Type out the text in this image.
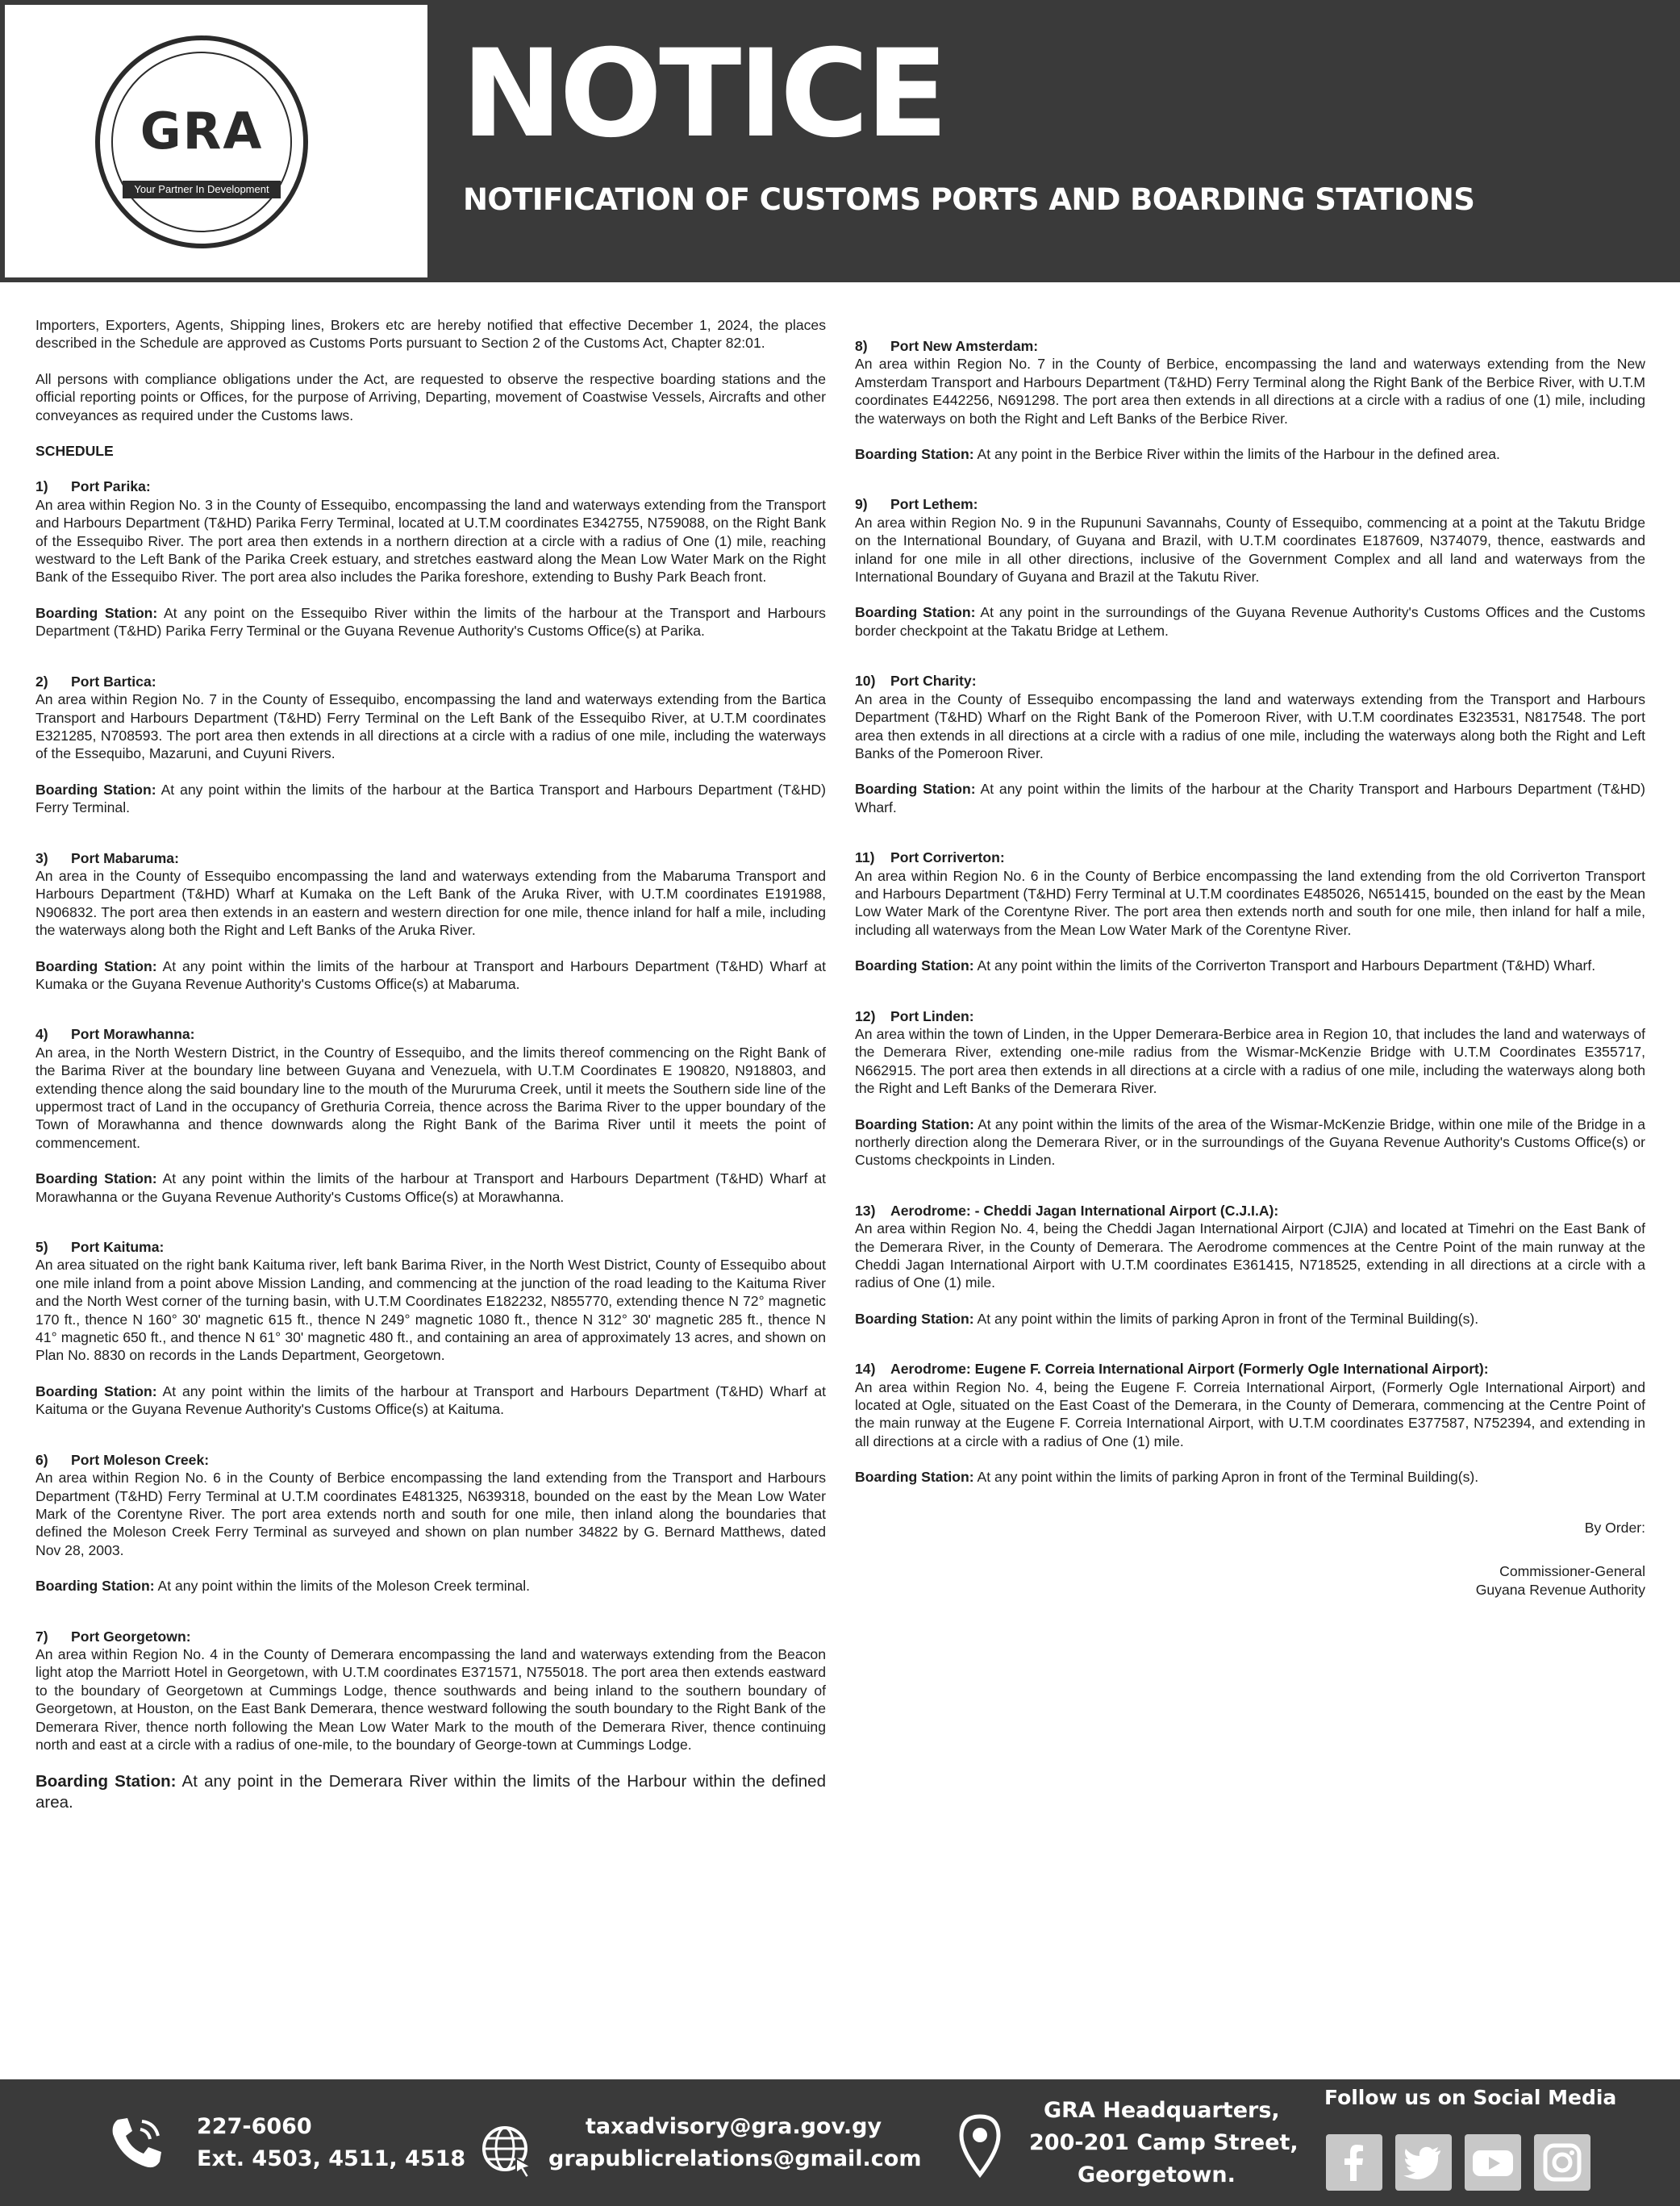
GRA
Your Partner In Development
NOTICE
NOTIFICATION OF CUSTOMS PORTS AND BOARDING STATIONS

Importers, Exporters, Agents, Shipping lines, Brokers etc are hereby notified that effective December 1, 2024, the places described in the Schedule are approved as Customs Ports pursuant to Section 2 of the Customs Act, Chapter 82:01.

All persons with compliance obligations under the Act, are requested to observe the respective boarding stations and the official reporting points or Offices, for the purpose of Arriving, Departing, movement of Coastwise Vessels, Aircrafts and other conveyances as required under the Customs laws.

SCHEDULE

1) Port Parika:

An area within Region No. 3 in the County of Essequibo, encompassing the land and waterways extending from the Transport and Harbours Department (T&HD) Parika Ferry Terminal, located at U.T.M coordinates E342755, N759088, on the Right Bank of the Essequibo River. The port area then extends in a northern direction at a circle with a radius of One (1) mile, reaching westward to the Left Bank of the Parika Creek estuary, and stretches eastward along the Mean Low Water Mark on the Right Bank of the Essequibo River. The port area also includes the Parika foreshore, extending to Bushy Park Beach front.

Boarding Station: At any point on the Essequibo River within the limits of the harbour at the Transport and Harbours Department (T&HD) Parika Ferry Terminal or the Guyana Revenue Authority's Customs Office(s) at Parika.

2) Port Bartica:

An area within Region No. 7 in the County of Essequibo, encompassing the land and waterways extending from the Bartica Transport and Harbours Department (T&HD) Ferry Terminal on the Left Bank of the Essequibo River, at U.T.M coordinates E321285, N708593. The port area then extends in all directions at a circle with a radius of one mile, including the waterways of the Essequibo, Mazaruni, and Cuyuni Rivers.

Boarding Station: At any point within the limits of the harbour at the Bartica Transport and Harbours Department (T&HD) Ferry Terminal.

3) Port Mabaruma:

An area in the County of Essequibo encompassing the land and waterways extending from the Mabaruma Transport and Harbours Department (T&HD) Wharf at Kumaka on the Left Bank of the Aruka River, with U.T.M coordinates E191988, N906832. The port area then extends in an eastern and western direction for one mile, thence inland for half a mile, including the waterways along both the Right and Left Banks of the Aruka River.

Boarding Station: At any point within the limits of the harbour at Transport and Harbours Department (T&HD) Wharf at Kumaka or the Guyana Revenue Authority's Customs Office(s) at Mabaruma.

4) Port Morawhanna:

An area, in the North Western District, in the Country of Essequibo, and the limits thereof commencing on the Right Bank of the Barima River at the boundary line between Guyana and Venezuela, with U.T.M Coordinates E 190820, N918803, and extending thence along the said boundary line to the mouth of the Mururuma Creek, until it meets the Southern side line of the uppermost tract of Land in the occupancy of Grethuria Correia, thence across the Barima River to the upper boundary of the Town of Morawhanna and thence downwards along the Right Bank of the Barima River until it meets the point of commencement.

Boarding Station: At any point within the limits of the harbour at Transport and Harbours Department (T&HD) Wharf at Morawhanna or the Guyana Revenue Authority's Customs Office(s) at Morawhanna.

5) Port Kaituma:

An area situated on the right bank Kaituma river, left bank Barima River, in the North West District, County of Essequibo about one mile inland from a point above Mission Landing, and commencing at the junction of the road leading to the Kaituma River and the North West corner of the turning basin, with U.T.M Coordinates E182232, N855770, extending thence N 72° magnetic 170 ft., thence N 160° 30' magnetic 615 ft., thence N 249° magnetic 1080 ft., thence N 312° 30' magnetic 285 ft., thence N 41° magnetic 650 ft., and thence N 61° 30' magnetic 480 ft., and containing an area of approximately 13 acres, and shown on Plan No. 8830 on records in the Lands Department, Georgetown.

Boarding Station: At any point within the limits of the harbour at Transport and Harbours Department (T&HD) Wharf at Kaituma or the Guyana Revenue Authority's Customs Office(s) at Kaituma.

6) Port Moleson Creek:

An area within Region No. 6 in the County of Berbice encompassing the land extending from the Transport and Harbours Department (T&HD) Ferry Terminal at U.T.M coordinates E481325, N639318, bounded on the east by the Mean Low Water Mark of the Corentyne River. The port area extends north and south for one mile, then inland along the boundaries that defined the Moleson Creek Ferry Terminal as surveyed and shown on plan number 34822 by G. Bernard Matthews, dated Nov 28, 2003.

Boarding Station: At any point within the limits of the Moleson Creek terminal.

7) Port Georgetown:

An area within Region No. 4 in the County of Demerara encompassing the land and waterways extending from the Beacon light atop the Marriott Hotel in Georgetown, with U.T.M coordinates E371571, N755018. The port area then extends eastward to the boundary of Georgetown at Cummings Lodge, thence southwards and being inland to the southern boundary of Georgetown, at Houston, on the East Bank Demerara, thence westward following the south boundary to the Right Bank of the Demerara River, thence north following the Mean Low Water Mark to the mouth of the Demerara River, thence continuing north and east at a circle with a radius of one-mile, to the boundary of George-town at Cummings Lodge.

Boarding Station: At any point in the Demerara River within the limits of the Harbour within the defined area.

8) Port New Amsterdam:

An area within Region No. 7 in the County of Berbice, encompassing the land and waterways extending from the New Amsterdam Transport and Harbours Department (T&HD) Ferry Terminal along the Right Bank of the Berbice River, with U.T.M coordinates E442256, N691298. The port area then extends in all directions at a circle with a radius of one (1) mile, including the waterways on both the Right and Left Banks of the Berbice River.

Boarding Station: At any point in the Berbice River within the limits of the Harbour in the defined area.

9) Port Lethem:

An area within Region No. 9 in the Rupununi Savannahs, County of Essequibo, commencing at a point at the Takutu Bridge on the International Boundary, of Guyana and Brazil, with U.T.M coordinates E187609, N374079, thence, eastwards and inland for one mile in all other directions, inclusive of the Government Complex and all land and waterways from the International Boundary of Guyana and Brazil at the Takutu River.

Boarding Station: At any point in the surroundings of the Guyana Revenue Authority's Customs Offices and the Customs border checkpoint at the Takatu Bridge at Lethem.

10) Port Charity:

An area in the County of Essequibo encompassing the land and waterways extending from the Transport and Harbours Department (T&HD) Wharf on the Right Bank of the Pomeroon River, with U.T.M coordinates E323531, N817548. The port area then extends in all directions at a circle with a radius of one mile, including the waterways along both the Right and Left Banks of the Pomeroon River.

Boarding Station: At any point within the limits of the harbour at the Charity Transport and Harbours Department (T&HD) Wharf.

11) Port Corriverton:

An area within Region No. 6 in the County of Berbice encompassing the land extending from the old Corriverton Transport and Harbours Department (T&HD) Ferry Terminal at U.T.M coordinates E485026, N651415, bounded on the east by the Mean Low Water Mark of the Corentyne River. The port area then extends north and south for one mile, then inland for half a mile, including all waterways from the Mean Low Water Mark of the Corentyne River.

Boarding Station: At any point within the limits of the Corriverton Transport and Harbours Department (T&HD) Wharf.

12) Port Linden:

An area within the town of Linden, in the Upper Demerara-Berbice area in Region 10, that includes the land and waterways of the Demerara River, extending one-mile radius from the Wismar-McKenzie Bridge with U.T.M Coordinates E355717, N662915. The port area then extends in all directions at a circle with a radius of one mile, including the waterways along both the Right and Left Banks of the Demerara River.

Boarding Station: At any point within the limits of the area of the Wismar-McKenzie Bridge, within one mile of the Bridge in a northerly direction along the Demerara River, or in the surroundings of the Guyana Revenue Authority's Customs Office(s) or Customs checkpoints in Linden.

13) Aerodrome: - Cheddi Jagan International Airport (C.J.I.A):

An area within Region No. 4, being the Cheddi Jagan International Airport (CJIA) and located at Timehri on the East Bank of the Demerara River, in the County of Demerara. The Aerodrome commences at the Centre Point of the main runway at the Cheddi Jagan International Airport with U.T.M coordinates E361415, N718525, extending in all directions at a circle with a radius of One (1) mile.

Boarding Station: At any point within the limits of parking Apron in front of the Terminal Building(s).

14) Aerodrome: Eugene F. Correia International Airport (Formerly Ogle International Airport):

An area within Region No. 4, being the Eugene F. Correia International Airport, (Formerly Ogle International Airport) and located at Ogle, situated on the East Coast of the Demerara, in the County of Demerara, commencing at the Centre Point of the main runway at the Eugene F. Correia International Airport, with U.T.M coordinates E377587, N752394, and extending in all directions at a circle with a radius of One (1) mile.

Boarding Station: At any point within the limits of parking Apron in front of the Terminal Building(s).

By Order:

Commissioner-General

Guyana Revenue Authority

227-6060
Ext. 4503, 4511, 4518
taxadvisory@gra.gov.gy
grapublicrelations@gmail.com
GRA Headquarters,
200-201 Camp Street,
Georgetown.
Follow us on Social Media
